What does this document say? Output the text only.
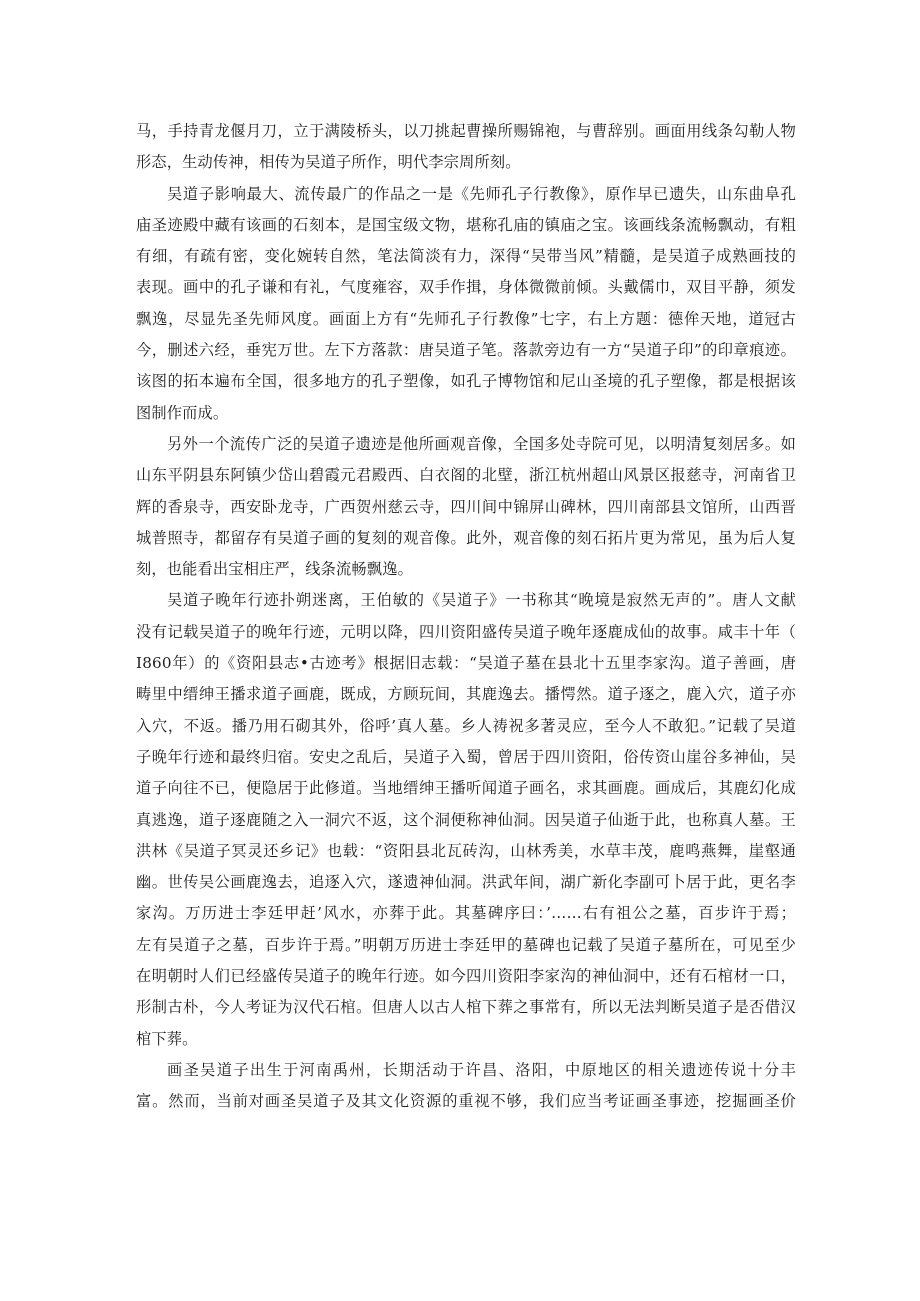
马，手持青龙偃月刀，立于满陵桥头，以刀挑起曹操所赐锦袍，与曹辞别。画面用线条勾勒人物
形态，生动传神，相传为吴道子所作，明代李宗周所刻。
吴道子影响最大、流传最广的作品之一是《先师孔子行教像》，原作早已遗失，山东曲阜孔
庙圣迹殿中藏有该画的石刻本，是国宝级文物，堪称孔庙的镇庙之宝。该画线条流畅飘动，有粗
有细，有疏有密，变化婉转自然，笔法简淡有力，深得“吴带当风”精髓，是吴道子成熟画技的
表现。画中的孔子谦和有礼，气度雍容，双手作揖，身体微微前倾。头戴儒巾，双目平静，须发
飘逸，尽显先圣先师风度。画面上方有“先师孔子行教像”七字，右上方题：德侔天地，道冠古
今，删述六经，垂宪万世。左下方落款：唐吴道子笔。落款旁边有一方“吴道子印”的印章痕迹。
该图的拓本遍布全国，很多地方的孔子塑像，如孔子博物馆和尼山圣境的孔子塑像，都是根据该
图制作而成。
另外一个流传广泛的吴道子遗迹是他所画观音像，全国多处寺院可见，以明清复刻居多。如
山东平阴县东阿镇少岱山碧霞元君殿西、白衣阁的北壁，浙江杭州超山风景区报慈寺，河南省卫
辉的香泉寺，西安卧龙寺，广西贺州慈云寺，四川间中锦屏山碑林，四川南部县文馆所，山西晋
城普照寺，都留存有吴道子画的复刻的观音像。此外，观音像的刻石拓片更为常见，虽为后人复
刻，也能看出宝相庄严，线条流畅飘逸。
吴道子晚年行迹扑朔迷离，王伯敏的《吴道子》一书称其“晚境是寂然无声的”。唐人文献
没有记载吴道子的晚年行迹，元明以降，四川资阳盛传吴道子晚年逐鹿成仙的故事。咸丰十年（
I860年）的《资阳县志•古迹考》根据旧志载：“吴道子墓在县北十五里李家沟。道子善画，唐
畴里中缙绅王播求道子画鹿，既成，方顾玩间，其鹿逸去。播愕然。道子逐之，鹿入穴，道子亦
入穴，不返。播乃用石砌其外，俗呼’真人墓。乡人祷祝多著灵应，至今人不敢犯。”记载了吴道
子晚年行迹和最终归宿。安史之乱后，吴道子入蜀，曾居于四川资阳，俗传资山崖谷多神仙，吴
道子向往不已，便隐居于此修道。当地缙绅王播听闻道子画名，求其画鹿。画成后，其鹿幻化成
真逃逸，道子逐鹿随之入一洞穴不返，这个洞便称神仙洞。因吴道子仙逝于此，也称真人墓。王
洪林《吴道子冥灵还乡记》也载：“资阳县北瓦砖沟，山林秀美，水草丰茂，鹿鸣燕舞，崖壑通
幽。世传吴公画鹿逸去，追逐入穴，遂遗神仙洞。洪武年间，湖广新化李副可卜居于此，更名李
家沟。万历进士李廷甲赶’风水，亦葬于此。其墓碑序曰：’……右有祖公之墓，百步许于焉；
左有吴道子之墓，百步许于焉。”明朝万历进士李廷甲的墓碑也记载了吴道子墓所在，可见至少
在明朝时人们已经盛传吴道子的晚年行迹。如今四川资阳李家沟的神仙洞中，还有石棺材一口，
形制古朴，今人考证为汉代石棺。但唐人以古人棺下葬之事常有，所以无法判断吴道子是否借汉
棺下葬。
画圣吴道子出生于河南禹州，长期活动于许昌、洛阳，中原地区的相关遗迹传说十分丰
富。然而，当前对画圣吴道子及其文化资源的重视不够，我们应当考证画圣事迹，挖掘画圣价
